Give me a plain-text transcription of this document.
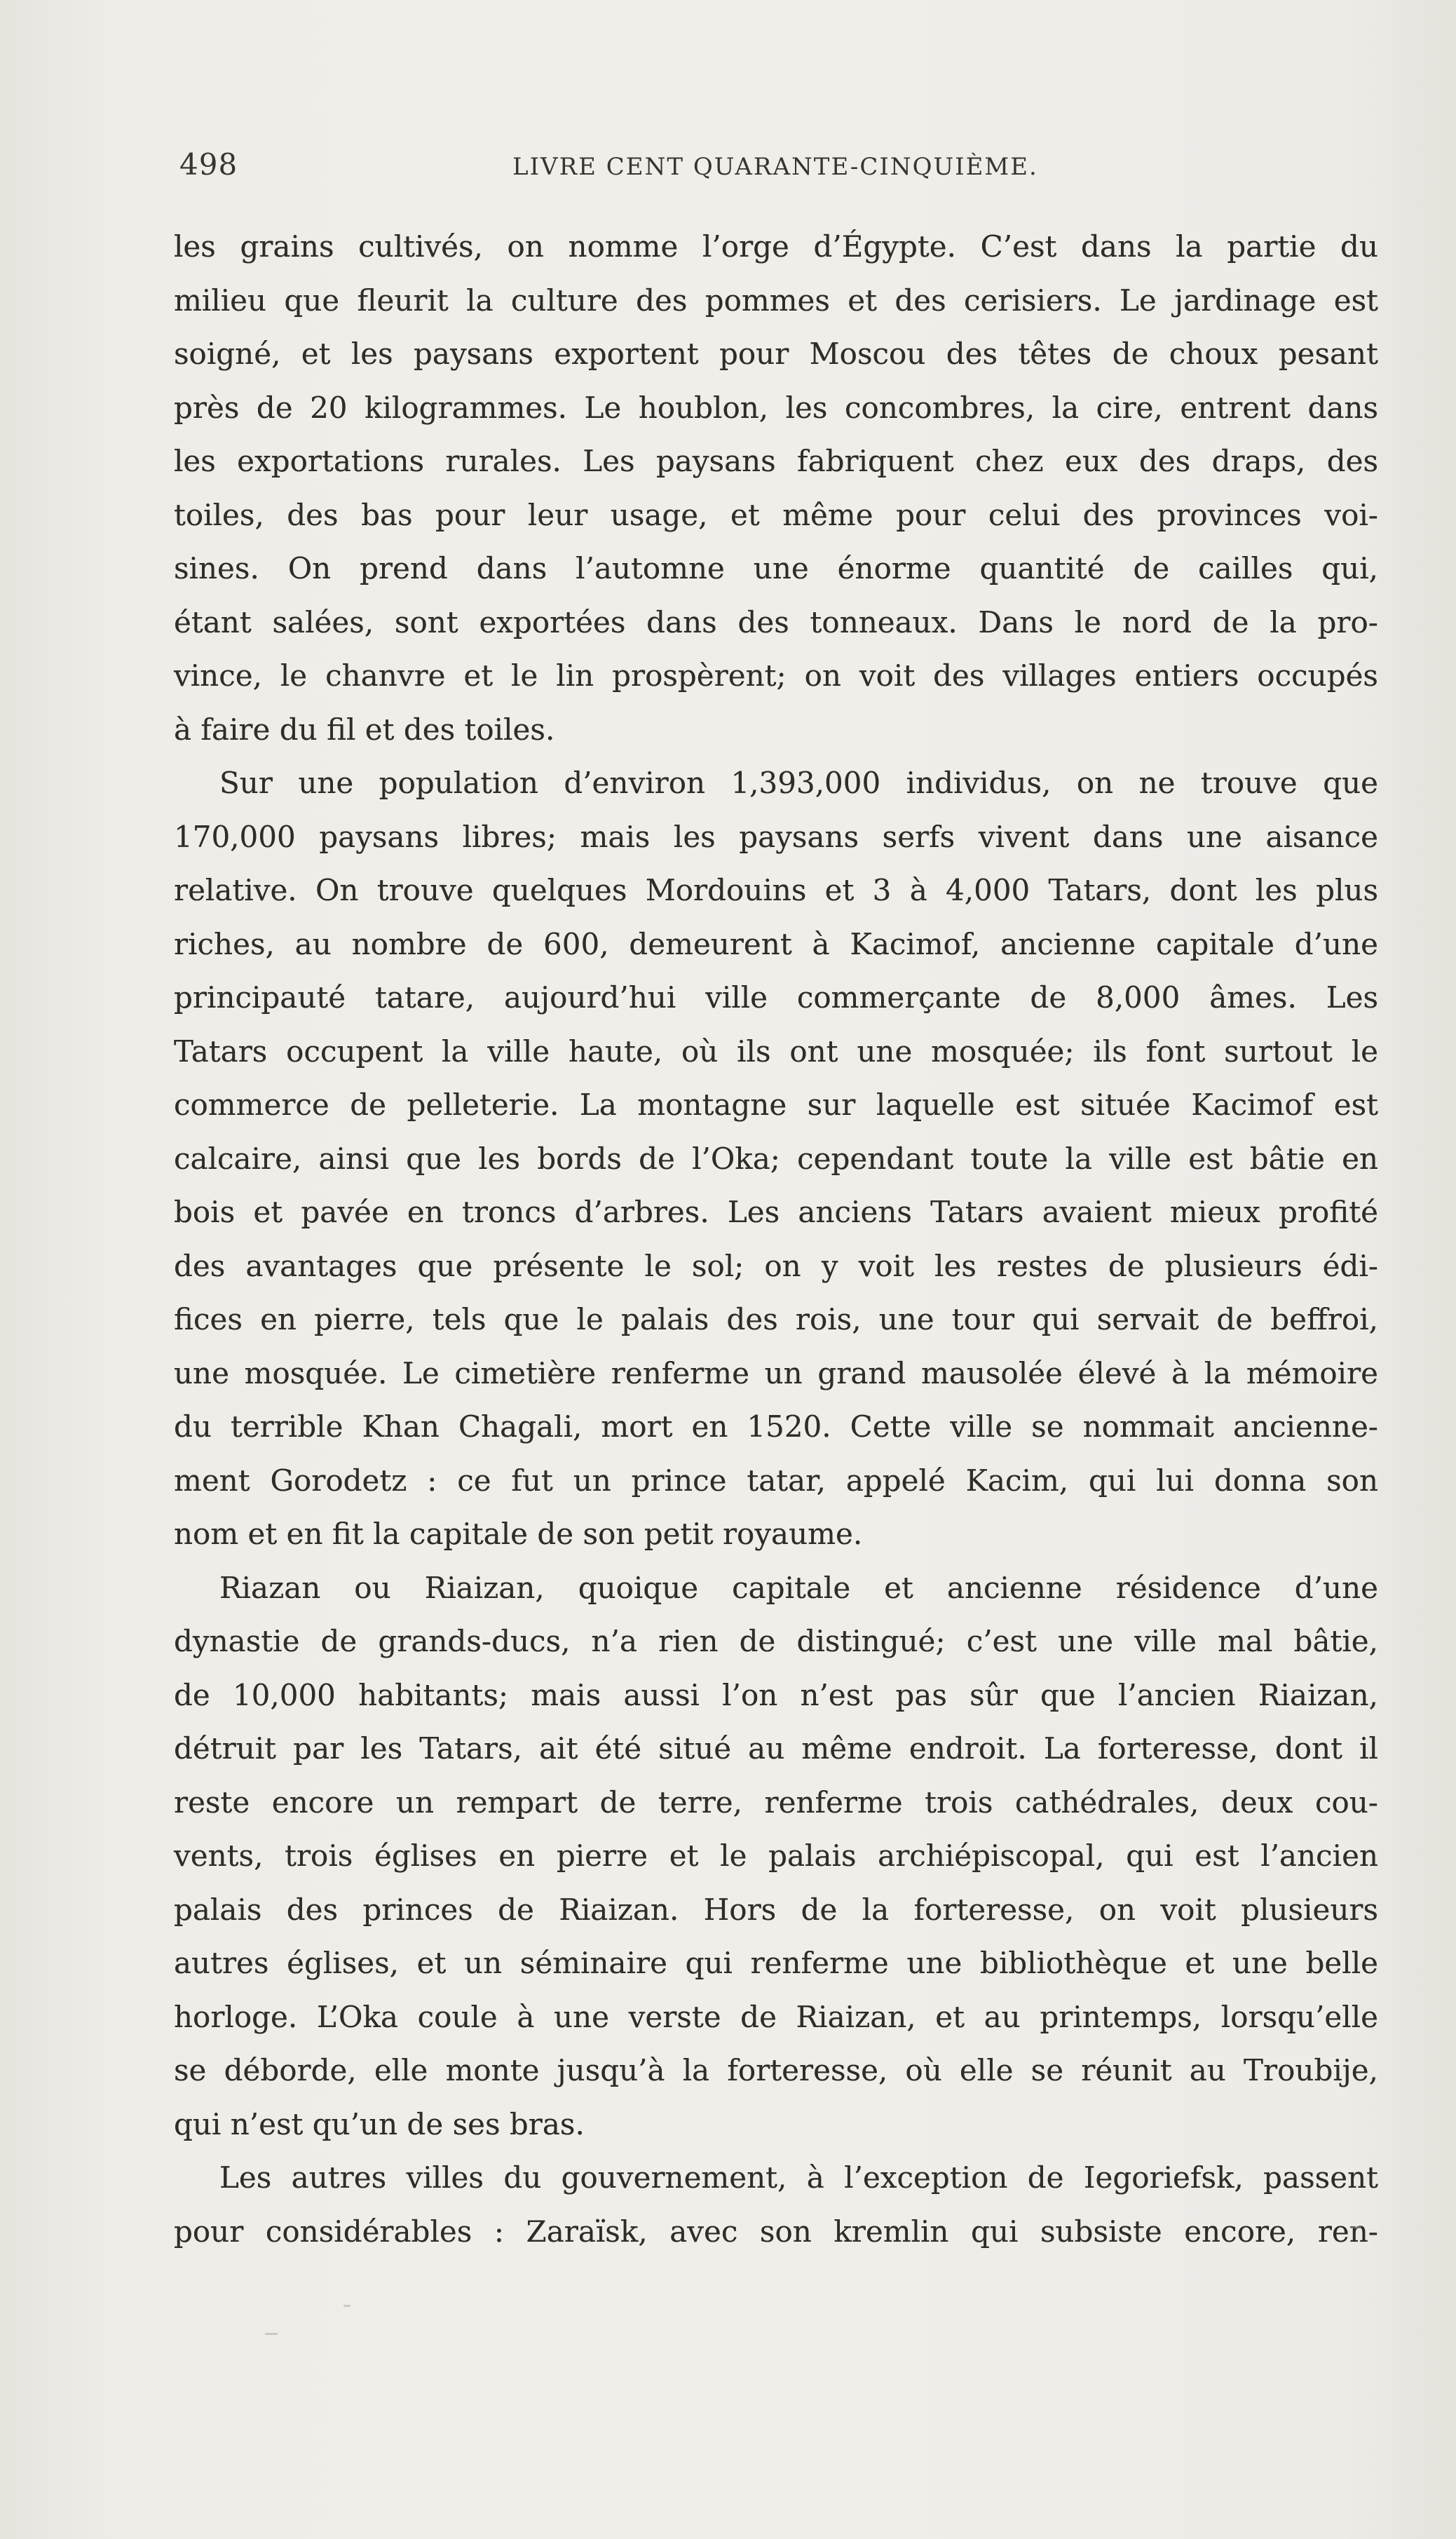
498	LIVRE CENT QUARANTE-CINQUIÈME.
les grains cultivés, on nomme l’orge d’Égypte. C’est dans la partie du
milieu que fleurit la culture des pommes et des cerisiers. Le jardinage est
soigné, et les paysans exportent pour Moscou des têtes de choux pesant
près de 20 kilogrammes. Le houblon, les concombres, la cire, entrent dans
les exportations rurales. Les paysans fabriquent chez eux des draps, des
toiles, des bas pour leur usage, et même pour celui des provinces voi-
sines. On prend dans l’automne une énorme quantité de cailles qui,
étant salées, sont exportées dans des tonneaux. Dans le nord de la pro-
vince, le chanvre et le lin prospèrent; on voit des villages entiers occupés
à faire du fil et des toiles.
Sur une population d’environ 1,393,000 individus, on ne trouve que
170,000 paysans libres; mais les paysans serfs vivent dans une aisance
relative. On trouve quelques Mordouins et 3 à 4,000 Tatars, dont les plus
riches, au nombre de 600, demeurent à Kacimof, ancienne capitale d’une
principauté tatare, aujourd’hui ville commerçante de 8,000 âmes. Les
Tatars occupent la ville haute, où ils ont une mosquée; ils font surtout le
commerce de pelleterie. La montagne sur laquelle est située Kacimof est
calcaire, ainsi que les bords de l’Oka; cependant toute la ville est bâtie en
bois et pavée en troncs d’arbres. Les anciens Tatars avaient mieux profité
des avantages que présente le sol; on y voit les restes de plusieurs édi-
fices en pierre, tels que le palais des rois, une tour qui servait de beffroi,
une mosquée. Le cimetière renferme un grand mausolée élevé à la mémoire
du terrible Khan Chagali, mort en 1520. Cette ville se nommait ancienne-
ment Gorodetz : ce fut un prince tatar, appelé Kacim, qui lui donna son
nom et en fit la capitale de son petit royaume.
Riazan ou Riaizan, quoique capitale et ancienne résidence d’une
dynastie de grands-ducs, n’a rien de distingué; c’est une ville mal bâtie,
de 10,000 habitants; mais aussi l’on n’est pas sûr que l’ancien Riaizan,
détruit par les Tatars, ait été situé au même endroit. La forteresse, dont il
reste encore un rempart de terre, renferme trois cathédrales, deux cou-
vents, trois églises en pierre et le palais archiépiscopal, qui est l’ancien
palais des princes de Riaizan. Hors de la forteresse, on voit plusieurs
autres églises, et un séminaire qui renferme une bibliothèque et une belle
horloge. L’Oka coule à une verste de Riaizan, et au printemps, lorsqu’elle
se déborde, elle monte jusqu’à la forteresse, où elle se réunit au Troubije,
qui n’est qu’un de ses bras.
Les autres villes du gouvernement, à l’exception de Iegoriefsk, passent
pour considérables : Zaraïsk, avec son kremlin qui subsiste encore, ren-
